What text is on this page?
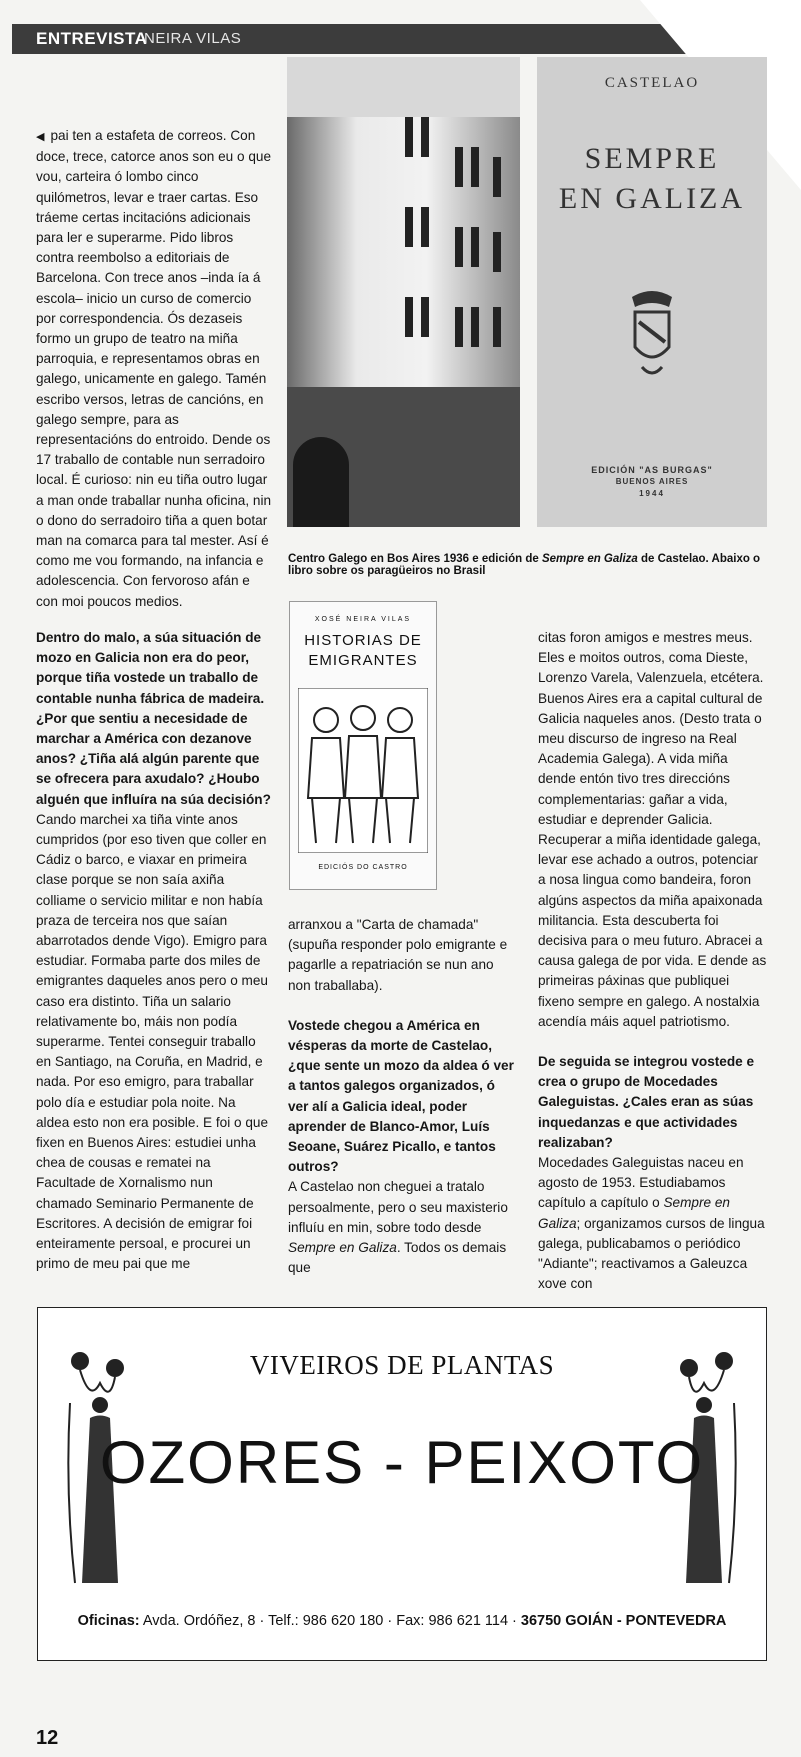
ENTREVISTA
NEIRA VILAS

◀ pai ten a estafeta de correos. Con doce, trece, catorce anos son eu o que vou, carteira ó lombo cinco quilómetros, levar e traer cartas. Eso tráeme certas incitacións adicionais para ler e superarme. Pido libros contra reembolso a editoriais de Barcelona. Con trece anos –inda ía á escola– inicio un curso de comercio por correspondencia. Ós dezaseis formo un grupo de teatro na miña parroquia, e representamos obras en galego, unicamente en galego. Tamén escribo versos, letras de cancións, en galego sempre, para as representacións do entroido. Dende os 17 traballo de contable nun serradoiro local. É curioso: nin eu tiña outro lugar a man onde traballar nunha oficina, nin o dono do serradoiro tiña a quen botar man na comarca para tal mester. Así é como me vou formando, na infancia e adolescencia. Con fervoroso afán e con moi poucos medios.

Dentro do malo, a súa situación de mozo en Galicia non era do peor, porque tiña vostede un traballo de contable nunha fábrica de madeira. ¿Por que sentiu a necesidade de marchar a América con dezanove anos? ¿Tiña alá algún parente que se ofrecera para axudalo? ¿Houbo alguén que influíra na súa decisión?

Cando marchei xa tiña vinte anos cumpridos (por eso tiven que coller en Cádiz o barco, e viaxar en primeira clase porque se non saía axiña colliame o servicio militar e non había praza de terceira nos que saían abarrotados dende Vigo). Emigro para estudiar. Formaba parte dos miles de emigrantes daqueles anos pero o meu caso era distinto. Tiña un salario relativamente bo, máis non podía superarme. Tentei conseguir traballo en Santiago, na Coruña, en Madrid, e nada. Por eso emigro, para traballar polo día e estudiar pola noite. Na aldea esto non era posible. E foi o que fixen en Buenos Aires: estudiei unha chea de cousas e rematei na Facultade de Xornalismo nun chamado Seminario Permanente de Escritores. A decisión de emigrar foi enteiramente persoal, e procurei un primo de meu pai que me

CASTELAO
SEMPRE
EN GALIZA
EDICIÓN "AS BURGAS"
BUENOS AIRES
1944
Centro Galego en Bos Aires 1936 e edición de Sempre en Galiza de Castelao. Abaixo o libro sobre os paragüeiros no Brasil
XOSÉ NEIRA VILAS
HISTORIAS DE
EMIGRANTES
EDICIÓS DO CASTRO

arranxou a "Carta de chamada" (supuña responder polo emigrante e pagarlle a repatriación se nun ano non traballaba).

Vostede chegou a América en vésperas da morte de Castelao, ¿que sente un mozo da aldea ó ver a tantos galegos organizados, ó ver alí a Galicia ideal, poder aprender de Blanco-Amor, Luís Seoane, Suárez Picallo, e tantos outros?

A Castelao non cheguei a tratalo persoalmente, pero o seu maxisterio influíu en min, sobre todo desde Sempre en Galiza. Todos os demais que

citas foron amigos e mestres meus. Eles e moitos outros, coma Dieste, Lorenzo Varela, Valenzuela, etcétera. Buenos Aires era a capital cultural de Galicia naqueles anos. (Desto trata o meu discurso de ingreso na Real Academia Galega). A vida miña dende entón tivo tres direccións complementarias: gañar a vida, estudiar e deprender Galicia. Recuperar a miña identidade galega, levar ese achado a outros, potenciar a nosa lingua como bandeira, foron algúns aspectos da miña apaixonada militancia. Esta descuberta foi decisiva para o meu futuro. Abracei a causa galega de por vida. E dende as primeiras páxinas que publiquei fixeno sempre en galego. A nostalxia acendía máis aquel patriotismo.

De seguida se integrou vostede e crea o grupo de Mocedades Galeguistas. ¿Cales eran as súas inquedanzas e que actividades realizaban?

Mocedades Galeguistas naceu en agosto de 1953. Estudiabamos capítulo a capítulo o Sempre en Galiza; organizamos cursos de lingua galega, publicabamos o periódico "Adiante"; reactivamos a Galeuzca xove con

VIVEIROS DE PLANTAS
OZORES - PEIXOTO
Oficinas: Avda. Ordóñez, 8 · Telf.: 986 620 180 · Fax: 986 621 114 · 36750 GOIÁN - PONTEVEDRA
12
